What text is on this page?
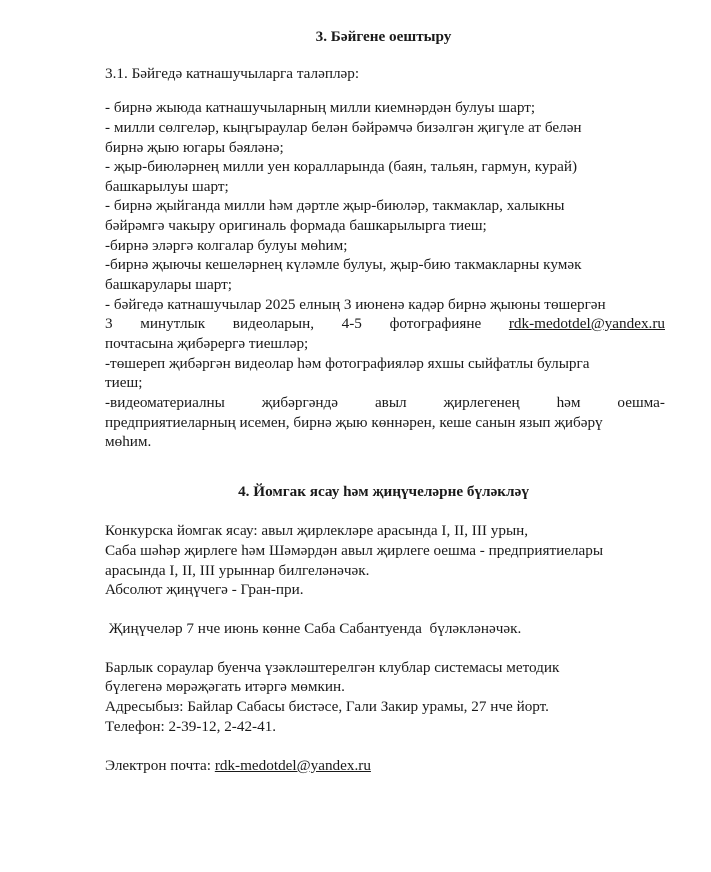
3. Бәйгене оештыру
3.1. Бәйгедә катнашучыларга таләпләр:
- бирнә жыюда катнашучыларның милли киемнәрдән булуы шарт;
- милли сөлгеләр, кыңгыраулар белән бәйрәмчә бизәлгән җигүле ат белән
бирнә җыю югары бәяләнә;
- җыр-биюләрнең милли уен коралларында (баян, тальян, гармун, курай)
башкарылуы шарт;
- бирнә җыйганда милли һәм дәртле җыр-биюләр, такмаклар, халыкны
бәйрәмгә чакыру оригиналь формада башкарылырга тиеш;
-бирнә эләргә колгалар булуы мөһим;
-бирнә җыючы кешеләрнең күләмле булуы, җыр-бию такмакларны кумәк
башкарулары шарт;
- бәйгедә катнашучылар 2025 елның 3 июненә кадәр бирнә җыюны төшергән
3 минутлык видеоларын, 4-5 фотографияне rdk-medotdel@yandex.ru
почтасына җибәрергә тиешләр;
-төшереп җибәргән видеолар һәм фотографияләр яхшы сыйфатлы булырга
тиеш;
-видеоматериалны җибәргәндә авыл җирлегенең һәм оешма-
предприятиеларның исемен, бирнә җыю көннәрен, кеше санын язып җибәрү
мөһим.
4. Йомгак ясау һәм җиңүчеләрне бүләкләү
Конкурска йомгак ясау: авыл җирлекләре арасында I, II, III урын,
Саба шәһәр җирлеге һәм Шәмәрдән авыл җирлеге оешма - предприятиелары
арасында I, II, III урыннар билгеләнәчәк.
Абсолют җиңүчегә - Гран-при.
Җиңүчеләр 7 нче июнь көнне Саба Сабантуенда  бүләкләнәчәк.
Барлык сораулар буенча үзәкләштерелгән клублар системасы методик
бүлегенә мөрәҗәгать итәргә мөмкин.
Адресыбыз: Байлар Сабасы бистәсе, Гали Закир урамы, 27 нче йорт.
Телефон: 2-39-12, 2-42-41.
Электрон почта: rdk-medotdel@yandex.ru
